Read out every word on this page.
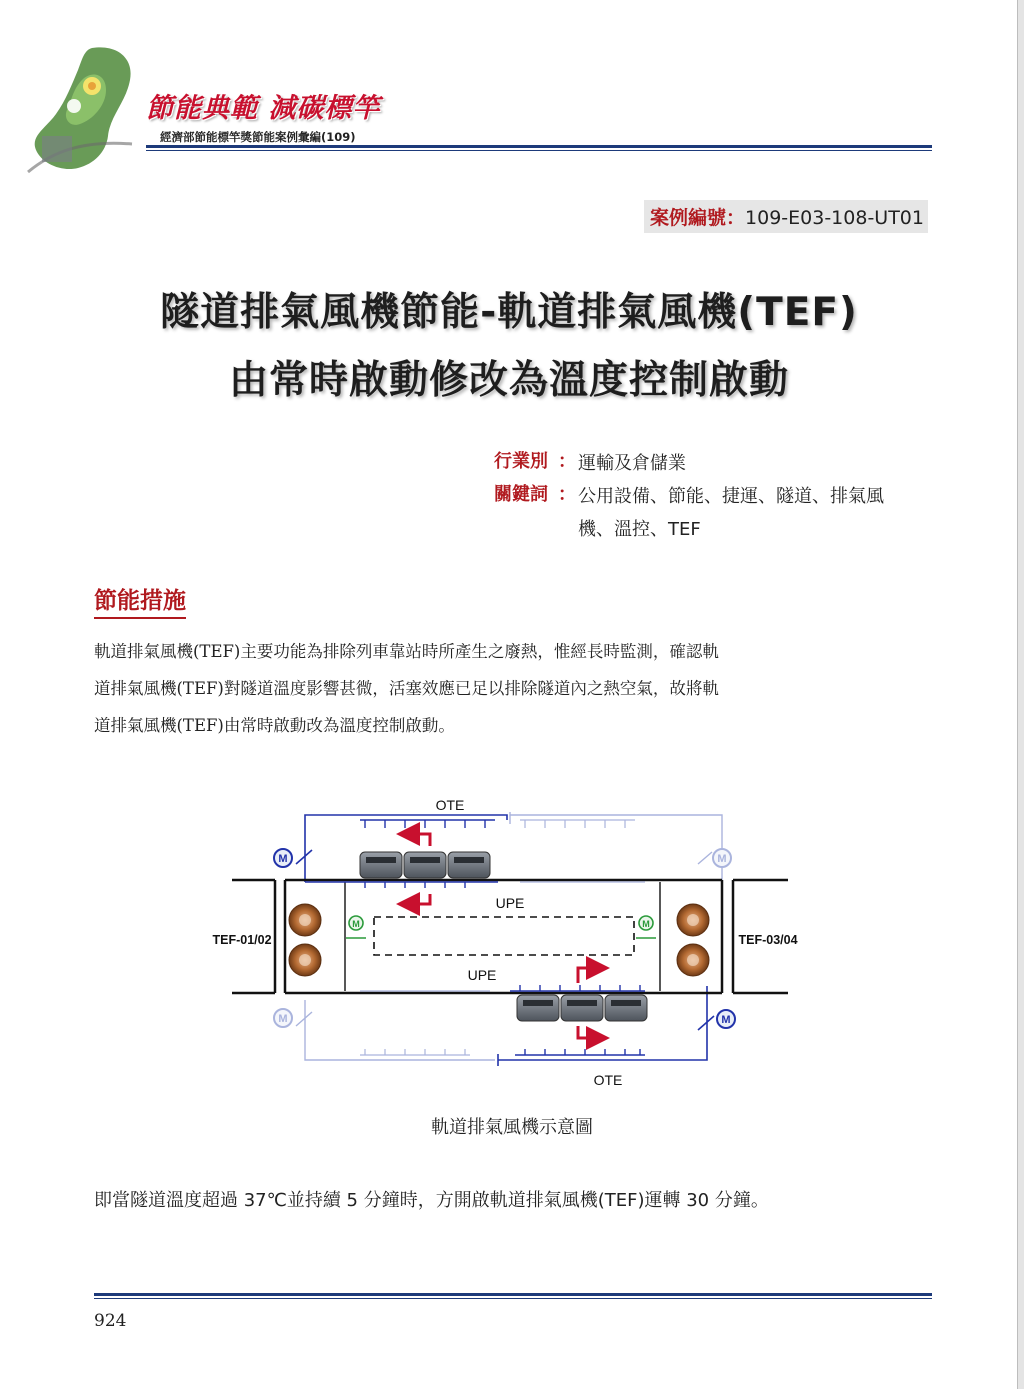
節能典範 減碳標竿
經濟部節能標竿獎節能案例彙編(109)
案例編號：109-E03-108-UT01
隧道排氣風機節能-軌道排氣風機(TEF)
由常時啟動修改為溫度控制啟動
行業別 ： 運輸及倉儲業
關鍵詞 ： 公用設備、節能、捷運、隧道、排氣風機、溫控、TEF
節能措施
軌道排氣風機(TEF)主要功能為排除列車靠站時所產生之廢熱，惟經長時監測，確認軌
道排氣風機(TEF)對隧道溫度影響甚微，活塞效應已足以排除隧道內之熱空氣，故將軌
道排氣風機(TEF)由常時啟動改為溫度控制啟動。
OTE
OTE
UPE
UPE
M	M
M	M
M	M
TEF-01/02	TEF-03/04
軌道排氣風機示意圖
即當隧道溫度超過 37℃並持續 5 分鐘時，方開啟軌道排氣風機(TEF)運轉 30 分鐘。
924
